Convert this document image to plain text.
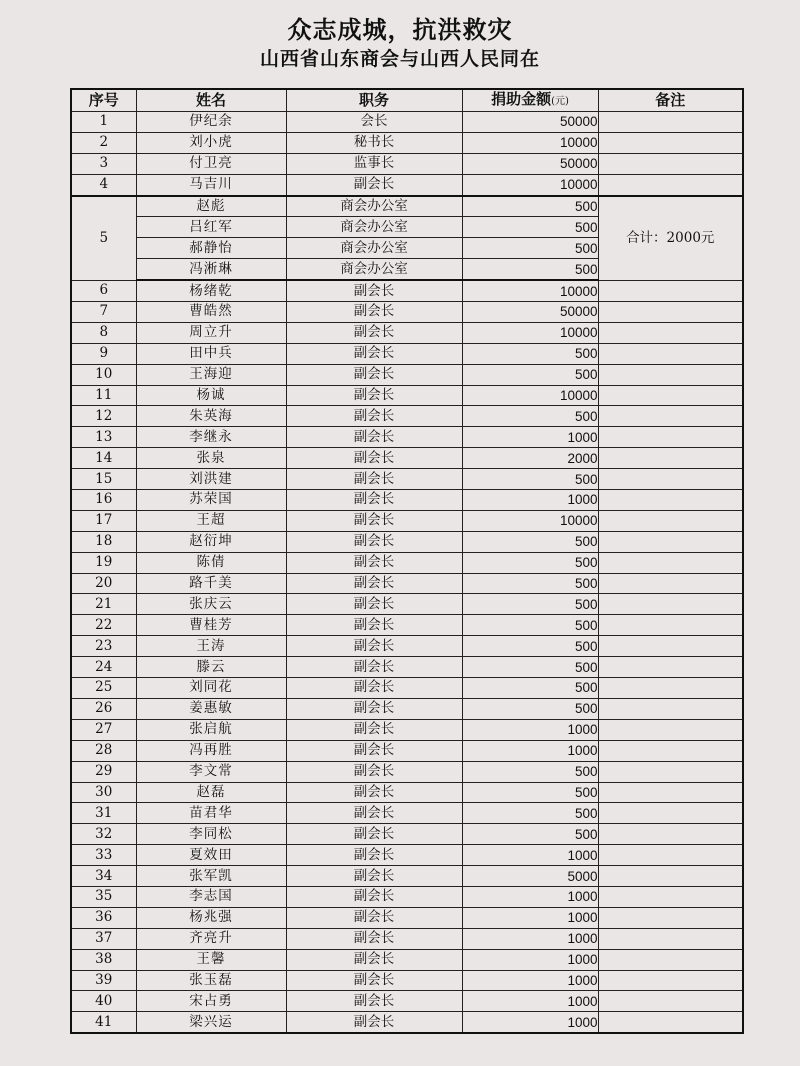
众志成城，抗洪救灾
山西省山东商会与山西人民同在
序号	姓名	职务	捐助金额(元)	备注
1	伊纪余	会长	50000	
2	刘小虎	秘书长	10000	
3	付卫亮	监事长	50000	
4	马吉川	副会长	10000	
5	赵彪	商会办公室	500	合计：2000元
	吕红军	商会办公室	500	
	郝静怡	商会办公室	500	
	冯淅琳	商会办公室	500	
6	杨绪乾	副会长	10000	
7	曹皓然	副会长	50000	
8	周立升	副会长	10000	
9	田中兵	副会长	500	
10	王海迎	副会长	500	
11	杨诚	副会长	10000	
12	朱英海	副会长	500	
13	李继永	副会长	1000	
14	张泉	副会长	2000	
15	刘洪建	副会长	500	
16	苏荣国	副会长	1000	
17	王超	副会长	10000	
18	赵衍坤	副会长	500	
19	陈倩	副会长	500	
20	路千美	副会长	500	
21	张庆云	副会长	500	
22	曹桂芳	副会长	500	
23	王涛	副会长	500	
24	滕云	副会长	500	
25	刘同花	副会长	500	
26	姜惠敏	副会长	500	
27	张启航	副会长	1000	
28	冯再胜	副会长	1000	
29	李文常	副会长	500	
30	赵磊	副会长	500	
31	苗君华	副会长	500	
32	李同松	副会长	500	
33	夏效田	副会长	1000	
34	张军凯	副会长	5000	
35	李志国	副会长	1000	
36	杨兆强	副会长	1000	
37	齐亮升	副会长	1000	
38	王馨	副会长	1000	
39	张玉磊	副会长	1000	
40	宋占勇	副会长	1000	
41	梁兴运	副会长	1000	
